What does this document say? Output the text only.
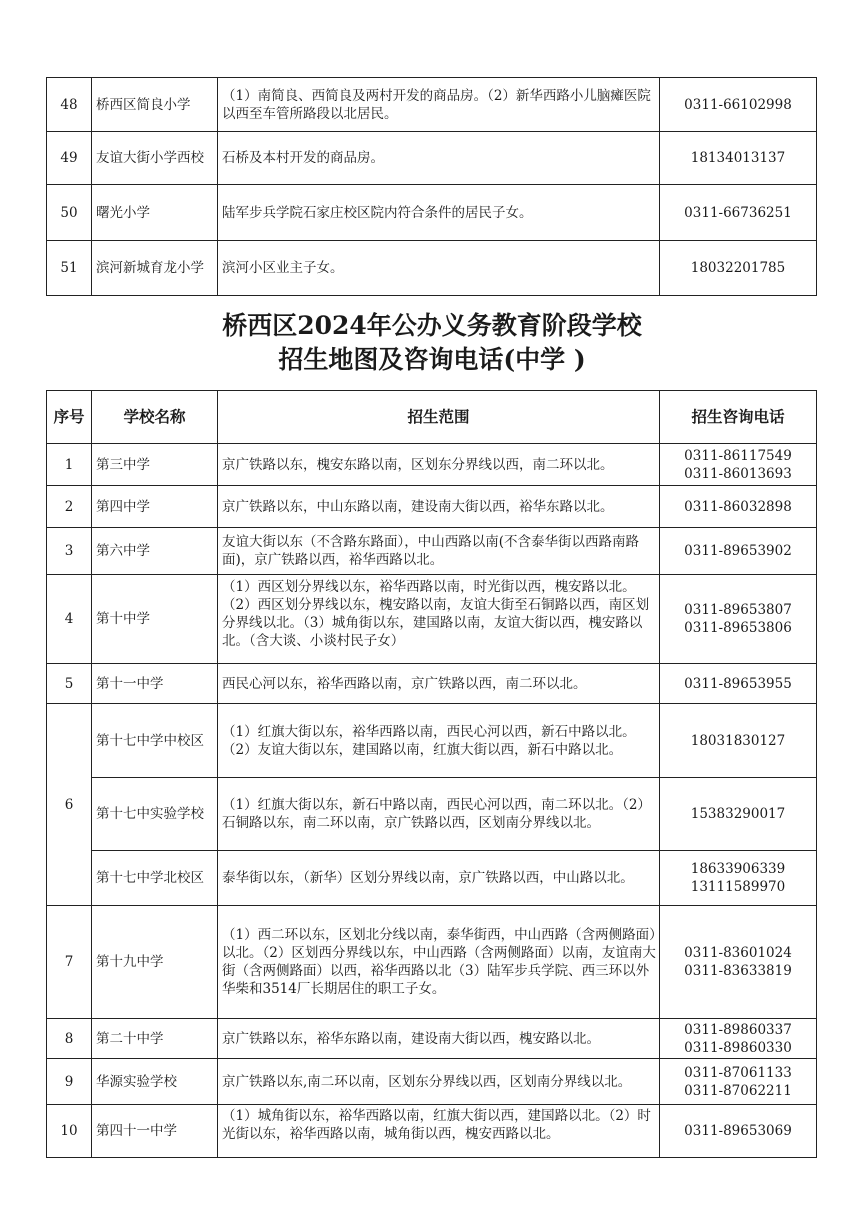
48	桥西区简良小学	（1）南简良、西简良及两村开发的商品房。（2）新华西路小儿脑瘫医院以西至车管所路段以北居民。	0311-66102998

49	友谊大街小学西校	石桥及本村开发的商品房。	18134013137

50	曙光小学	陆军步兵学院石家庄校区院内符合条件的居民子女。	0311-66736251

51	滨河新城育龙小学	滨河小区业主子女。	18032201785
桥西区2024年公办义务教育阶段学校
招生地图及咨询电话(中学 )
序号	学校名称	招生范围	招生咨询电话
1	第三中学	京广铁路以东，槐安东路以南，区划东分界线以西，南二环以北。	0311-86117549
0311-86013693

2	第四中学	京广铁路以东，中山东路以南，建设南大街以西，裕华东路以北。	0311-86032898

3	第六中学	友谊大街以东（不含路东路面），中山西路以南(不含泰华街以西路南路面)，京广铁路以西，裕华西路以北。	0311-89653902

4	第十中学	（1）西区划分界线以东，裕华西路以南，时光街以西，槐安路以北。（2）西区划分界线以东，槐安路以南，友谊大街至石铜路以西，南区划分界线以北。（3）城角街以东，建国路以南，友谊大街以西，槐安路以北。（含大谈、小谈村民子女）	0311-89653807
0311-89653806

5	第十一中学	西民心河以东，裕华西路以南，京广铁路以西，南二环以北。	0311-89653955

6	第十七中学中校区	（1）红旗大街以东，裕华西路以南，西民心河以西，新石中路以北。（2）友谊大街以东，建国路以南，红旗大街以西，新石中路以北。	18031830127

	第十七中实验学校	（1）红旗大街以东，新石中路以南，西民心河以西，南二环以北。（2）石铜路以东，南二环以南，京广铁路以西，区划南分界线以北。	15383290017

	第十七中学北校区	泰华街以东，（新华）区划分界线以南，京广铁路以西，中山路以北。	18633906339
13111589970

7	第十九中学	（1）西二环以东，区划北分线以南，泰华街西，中山西路（含两侧路面）以北。（2）区划西分界线以东，中山西路（含两侧路面）以南，友谊南大街（含两侧路面）以西，裕华西路以北（3）陆军步兵学院、西三环以外华柴和3514厂长期居住的职工子女。	0311-83601024
0311-83633819

8	第二十中学	京广铁路以东，裕华东路以南，建设南大街以西，槐安路以北。	0311-89860337
0311-89860330

9	华源实验学校	京广铁路以东,南二环以南，区划东分界线以西，区划南分界线以北。	0311-87061133
0311-87062211

10	第四十一中学	（1）城角街以东，裕华西路以南，红旗大街以西，建国路以北。（2）时光街以东，裕华西路以南，城角街以西，槐安西路以北。	0311-89653069
